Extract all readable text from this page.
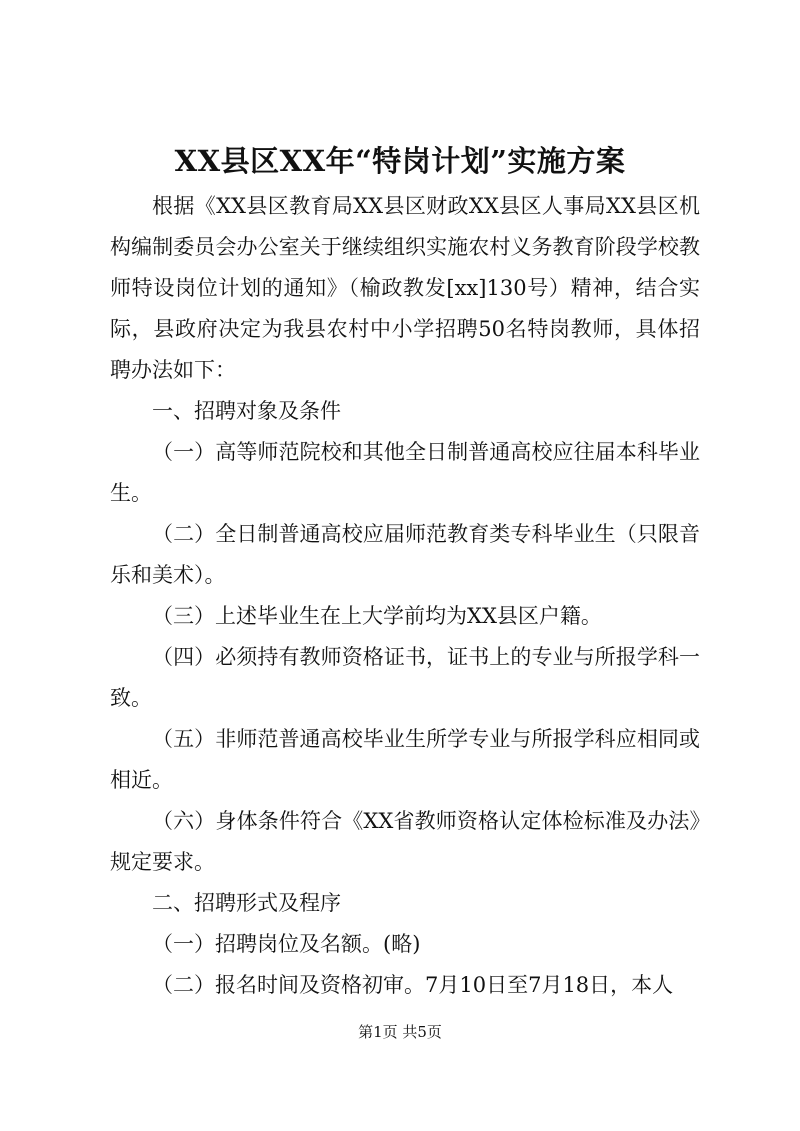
XX县区XX年“特岗计划”实施方案

根据《XX县区教育局XX县区财政XX县区人事局XX县区机构编制委员会办公室关于继续组织实施农村义务教育阶段学校教师特设岗位计划的通知》（榆政教发[xx]130号）精神，结合实际，县政府决定为我县农村中小学招聘50名特岗教师，具体招聘办法如下：

一、招聘对象及条件

（一）高等师范院校和其他全日制普通高校应往届本科毕业生。

（二）全日制普通高校应届师范教育类专科毕业生（只限音乐和美术）。

（三）上述毕业生在上大学前均为XX县区户籍。

（四）必须持有教师资格证书，证书上的专业与所报学科一致。

（五）非师范普通高校毕业生所学专业与所报学科应相同或相近。

（六）身体条件符合《XX省教师资格认定体检标准及办法》规定要求。

二、招聘形式及程序

（一）招聘岗位及名额。(略)

（二）报名时间及资格初审。7月10日至7月18日，本人

第1页 共5页
